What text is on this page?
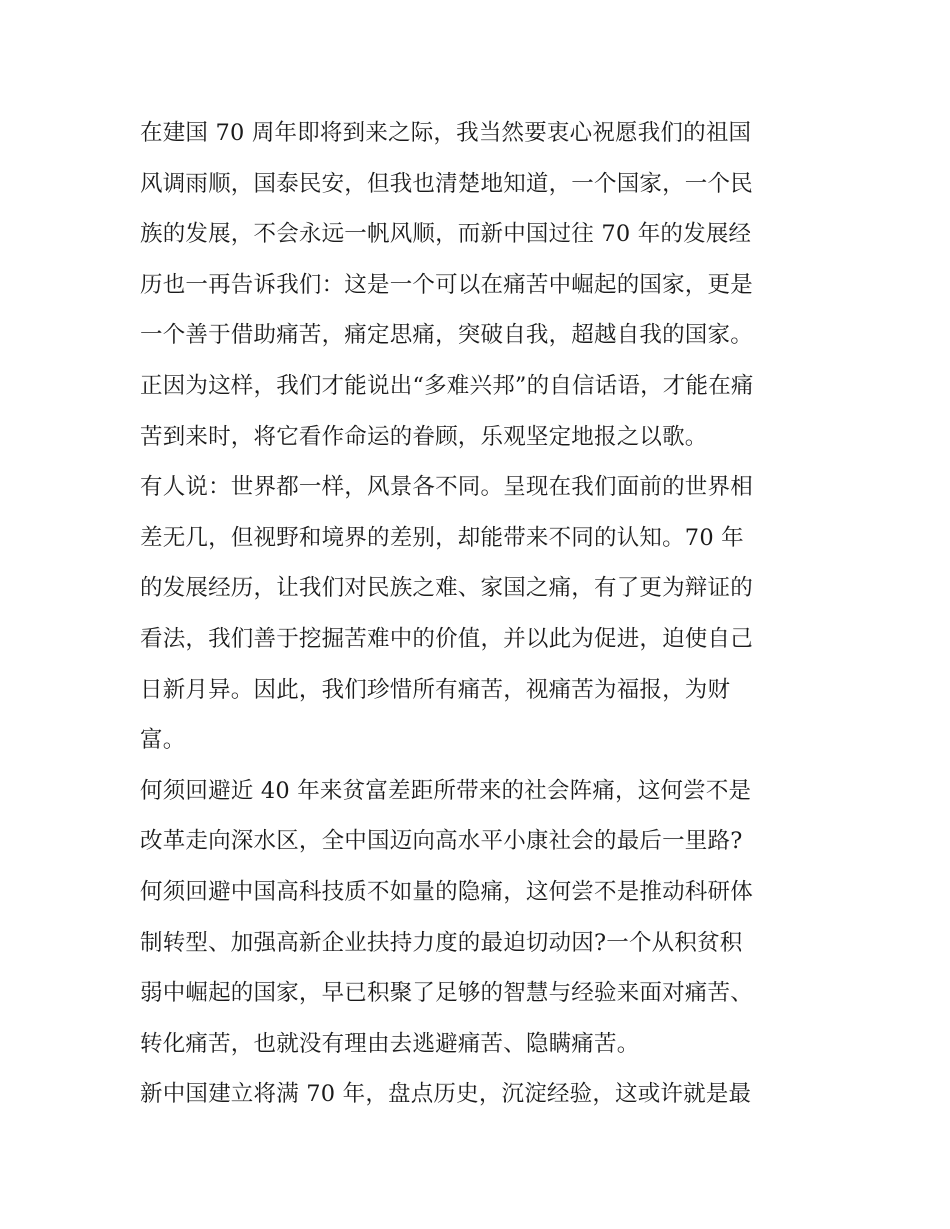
在建国 70 周年即将到来之际，我当然要衷心祝愿我们的祖国
风调雨顺，国泰民安，但我也清楚地知道，一个国家，一个民
族的发展，不会永远一帆风顺，而新中国过往 70 年的发展经
历也一再告诉我们：这是一个可以在痛苦中崛起的国家，更是
一个善于借助痛苦，痛定思痛，突破自我，超越自我的国家。
正因为这样，我们才能说出“多难兴邦”的自信话语，才能在痛
苦到来时，将它看作命运的眷顾，乐观坚定地报之以歌。
有人说：世界都一样，风景各不同。呈现在我们面前的世界相
差无几，但视野和境界的差别，却能带来不同的认知。70 年
的发展经历，让我们对民族之难、家国之痛，有了更为辩证的
看法，我们善于挖掘苦难中的价值，并以此为促进，迫使自己
日新月异。因此，我们珍惜所有痛苦，视痛苦为福报，为财
富。
何须回避近 40 年来贫富差距所带来的社会阵痛，这何尝不是
改革走向深水区，全中国迈向高水平小康社会的最后一里路?
何须回避中国高科技质不如量的隐痛，这何尝不是推动科研体
制转型、加强高新企业扶持力度的最迫切动因?一个从积贫积
弱中崛起的国家，早已积聚了足够的智慧与经验来面对痛苦、
转化痛苦，也就没有理由去逃避痛苦、隐瞒痛苦。
新中国建立将满 70 年，盘点历史，沉淀经验，这或许就是最
